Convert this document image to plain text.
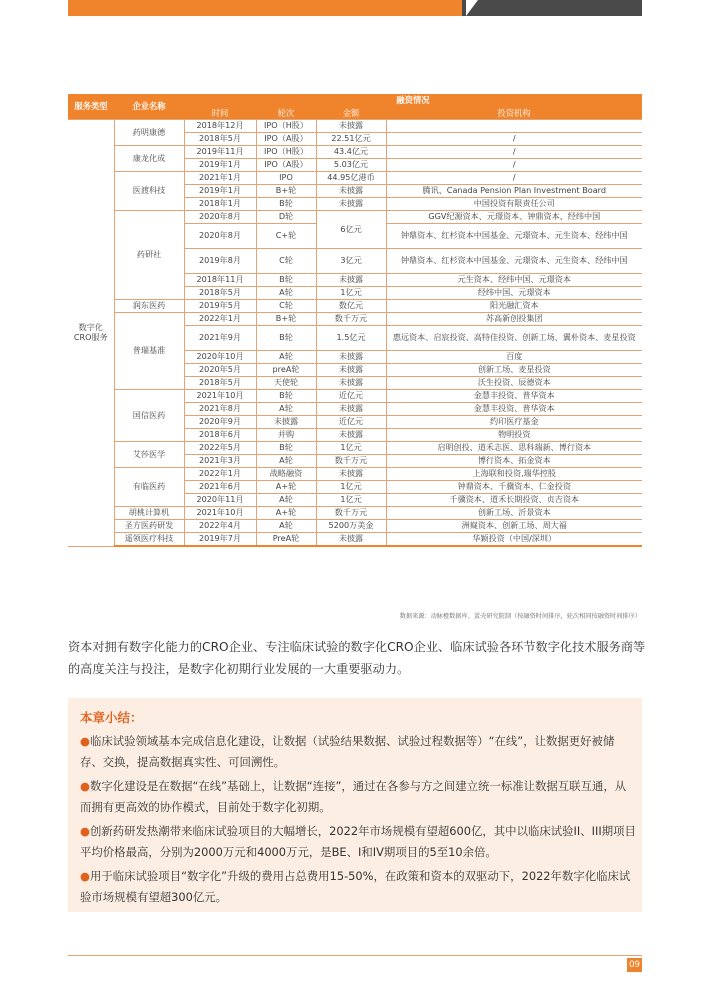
服务类型	企业名称	融资情况			
		时间	轮次	金额	投资机构
数字化CRO服务	药明康德	2018年12月	IPO（H股）	未披露	
		2018年5月	IPO（A股）	22.51亿元	/
	康龙化成	2019年11月	IPO（H股）	43.4亿元	/
		2019年1月	IPO（A股）	5.03亿元	/
	医渡科技	2021年1月	IPO	44.95亿港币	/
		2019年1月	B+轮	未披露	腾讯、Canada Pension Plan Investment Board
		2018年1月	B轮	未披露	中国投资有限责任公司
	药研社	2020年8月	D轮	6亿元	GGV纪源资本、元璟资本、钟鼎资本、经纬中国
		2020年8月	C+轮		钟鼎资本、红杉资本中国基金、元璟资本、元生资本、经纬中国
		2019年8月	C轮	3亿元	钟鼎资本、红杉资本中国基金、元璟资本、元生资本、经纬中国
		2018年11月	B轮	未披露	元生资本、经纬中国、元璟资本
		2018年5月	A轮	1亿元	经纬中国、元璟资本
	润东医药	2019年5月	C轮	数亿元	阳光融汇资本
	普瑞基准	2022年1月	B+轮	数千万元	苏高新创投集团
		2021年9月	B轮	1.5亿元	惠远资本、启宸投资、高特佳投资、创新工场、翼朴资本、麦星投资
		2020年10月	A轮	未披露	百度
		2020年5月	preA轮	未披露	创新工场、麦星投资
		2018年5月	天使轮	未披露	沃生投资、辰德资本
	国信医药	2021年10月	B轮	近亿元	金慧丰投资、普华资本
		2021年8月	A轮	未披露	金慧丰投资、普华资本
		2020年9月	未披露	近亿元	约印医疗基金
		2018年6月	并购	未披露	物明投资
	艾莎医学	2022年5月	B轮	1亿元	启明创投、道禾志医、思科瑞新、博行资本
		2021年3月	A轮	数千万元	博行资本、拓金资本
	有临医药	2022年1月	战略融资	未披露	上海联和投资,瑞华控股
		2021年6月	A+轮	1亿元	钟鼎资本、千骥资本、仁金投资
		2020年11月	A轮	1亿元	千骥资本、道禾长期投资、贞吉资本
	胡桃计算机	2021年10月	A+轮	数千万元	创新工场、沂景资本
	圣方医药研发	2022年4月	A轮	5200万美金	洲嶷资本、创新工场、周大福
	遥领医疗科技	2019年7月	PreA轮	未披露	华颖投资（中国/深圳）
数据来源：动脉橙数据库、蛋壳研究院制（按融资时间排序，轮次相同按融资时间排序）
资本对拥有数字化能力的CRO企业、专注临床试验的数字化CRO企业、临床试验各环节数字化技术服务商等的高度关注与投注，是数字化初期行业发展的一大重要驱动力。
本章小结：
●临床试验领域基本完成信息化建设，让数据（试验结果数据、试验过程数据等）“在线”，让数据更好被储存、交换，提高数据真实性、可回溯性。
●数字化建设是在数据“在线”基础上，让数据“连接”，通过在各参与方之间建立统一标准让数据互联互通，从而拥有更高效的协作模式，目前处于数字化初期。
●创新药研发热潮带来临床试验项目的大幅增长，2022年市场规模有望超600亿，其中以临床试验II、III期项目平均价格最高，分别为2000万元和4000万元，是BE、I和IV期项目的5至10余倍。
●用于临床试验项目“数字化”升级的费用占总费用15-50%，在政策和资本的双驱动下，2022年数字化临床试验市场规模有望超300亿元。
09
